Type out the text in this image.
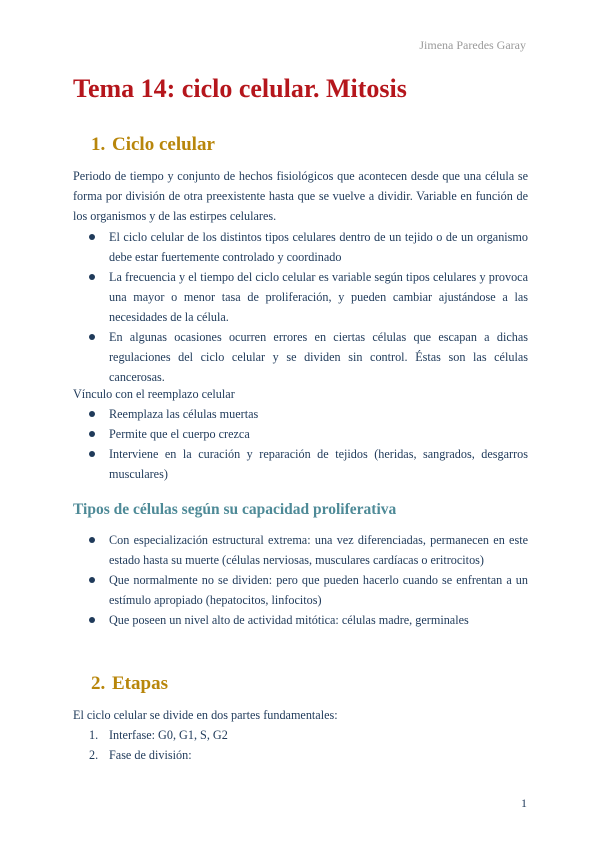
Jimena Paredes Garay
Tema 14: ciclo celular. Mitosis
1. Ciclo celular

Periodo de tiempo y conjunto de hechos fisiológicos que acontecen desde que una célula se forma por división de otra preexistente hasta que se vuelve a dividir. Variable en función de los organismos y de las estirpes celulares.

El ciclo celular de los distintos tipos celulares dentro de un tejido o de un organismo debe estar fuertemente controlado y coordinado
La frecuencia y el tiempo del ciclo celular es variable según tipos celulares y provoca una mayor o menor tasa de proliferación, y pueden cambiar ajustándose a las necesidades de la célula.
En algunas ocasiones ocurren errores en ciertas células que escapan a dichas regulaciones del ciclo celular y se dividen sin control. Éstas son las células cancerosas.

Vínculo con el reemplazo celular

Reemplaza las células muertas
Permite que el cuerpo crezca
Interviene en la curación y reparación de tejidos (heridas, sangrados, desgarros musculares)
Tipos de células según su capacidad proliferativa
Con especialización estructural extrema: una vez diferenciadas, permanecen en este estado hasta su muerte (células nerviosas, musculares cardíacas o eritrocitos)
Que normalmente no se dividen: pero que pueden hacerlo cuando se enfrentan a un estímulo apropiado (hepatocitos, linfocitos)
Que poseen un nivel alto de actividad mitótica: células madre, germinales
2. Etapas

El ciclo celular se divide en dos partes fundamentales:

1. Interfase: G0, G1, S, G2
2. Fase de división:
1
